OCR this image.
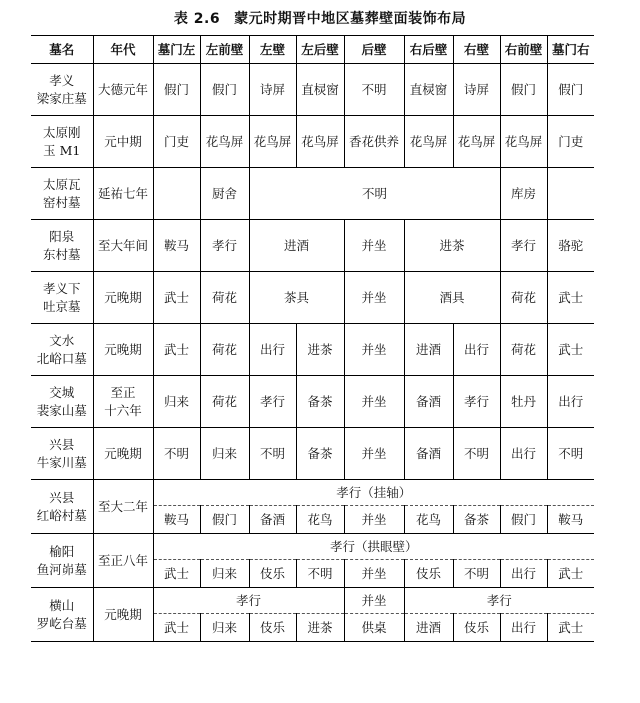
表 2.6 蒙元时期晋中地区墓葬壁面装饰布局
墓名	年代	墓门左	左前壁	左壁	左后壁	后壁	右后壁	右壁	右前壁	墓门右
孝义
梁家庄墓	大德元年	假门	假门	诗屏	直棂窗	不明	直棂窗	诗屏	假门	假门
太原刚
玉 M1	元中期	门吏	花鸟屏	花鸟屏	花鸟屏	香花供养	花鸟屏	花鸟屏	花鸟屏	门吏
太原瓦
窑村墓	延祐七年		厨舍	不明					库房	
阳泉
东村墓	至大年间	鞍马	孝行	进酒		并坐	进茶		孝行	骆驼
孝义下
吐京墓	元晚期	武士	荷花	茶具		并坐	酒具		荷花	武士
文水
北峪口墓	元晚期	武士	荷花	出行	进茶	并坐	进酒	出行	荷花	武士
交城
裴家山墓	至正
十六年	归来	荷花	孝行	备茶	并坐	备酒	孝行	牡丹	出行
兴县
牛家川墓	元晚期	不明	归来	不明	备茶	并坐	备酒	不明	出行	不明
兴县
红峪村墓	至大二年	孝行（挂轴）								
		鞍马	假门	备酒	花鸟	并坐	花鸟	备茶	假门	鞍马
榆阳
鱼河峁墓	至正八年	孝行（拱眼壁）								
		武士	归来	伎乐	不明	并坐	伎乐	不明	出行	武士
横山
罗屹台墓	元晚期	孝行				并坐	孝行			
		武士	归来	伎乐	进茶	供桌	进酒	伎乐	出行	武士
